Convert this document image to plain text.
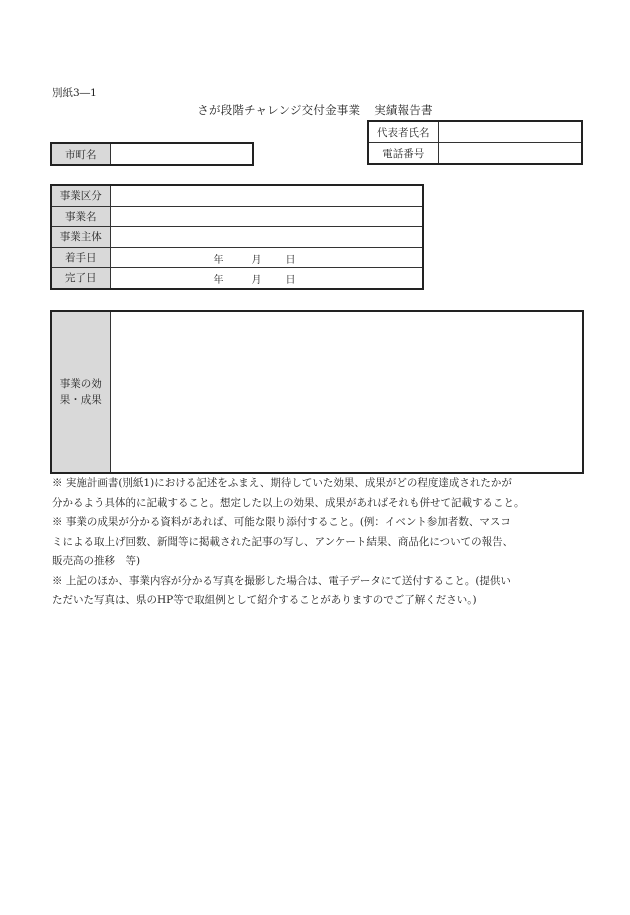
別紙3―1
さが段階チャレンジ交付金事業 実績報告書
代表者氏名	
電話番号	
市町名	
事業区分	
事業名	
事業主体	
着手日	年 月 日

完了日	年 月 日
事業の効
果・成果	

※ 実施計画書(別紙1)における記述をふまえ、期待していた効果、成果がどの程度達成されたかが

分かるよう具体的に記載すること。想定した以上の効果、成果があればそれも併せて記載すること。

※ 事業の成果が分かる資料があれば、可能な限り添付すること。(例：イベント参加者数、マスコ

ミによる取上げ回数、新聞等に掲載された記事の写し、アンケート結果、商品化についての報告、

販売高の推移　等)

※ 上記のほか、事業内容が分かる写真を撮影した場合は、電子データにて送付すること。(提供い

ただいた写真は、県のHP等で取組例として紹介することがありますのでご了解ください。)
